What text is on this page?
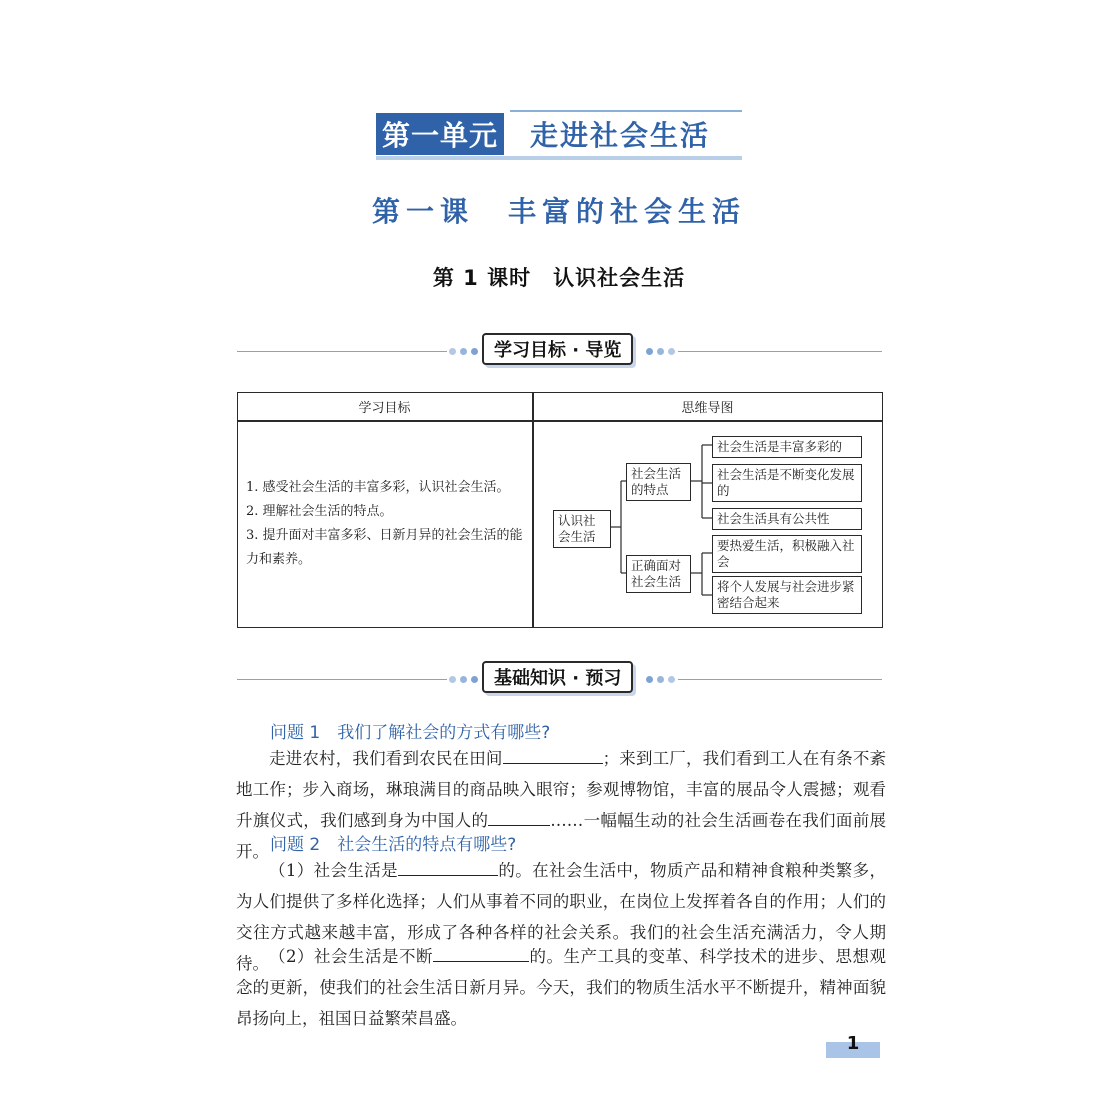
第一单元 走进社会生活
第一课　丰富的社会生活
第 1 课时　认识社会生活
学习目标 · 导览
学习目标	思维导图
1. 感受社会生活的丰富多彩，认识社会生活。
2. 理解社会生活的特点。
3. 提升面对丰富多彩、日新月异的社会生活的能力和素养。
认识社会生活
社会生活的特点
正确面对社会生活
社会生活是丰富多彩的
社会生活是不断变化发展的
社会生活具有公共性
要热爱生活，积极融入社会
将个人发展与社会进步紧密结合起来
基础知识 · 预习
问题 1　我们了解社会的方式有哪些?
走进农村，我们看到农民在田间	；来到工厂，我们看到工人在有条不紊地工作；步入商场，琳琅满目的商品映入眼帘；参观博物馆，丰富的展品令人震撼；观看升旗仪式，我们感到身为中国人的	……一幅幅生动的社会生活画卷在我们面前展开。 问题 2　社会生活的特点有哪些?
（1）社会生活是	的。在社会生活中，物质产品和精神食粮种类繁多，为人们提供了多样化选择；人们从事着不同的职业，在岗位上发挥着各自的作用；人们的交往方式越来越丰富，形成了各种各样的社会关系。我们的社会生活充满活力，令人期待。 （2）社会生活是不断	的。生产工具的变革、科学技术的进步、思想观念的更新，使我们的社会生活日新月异。今天，我们的物质生活水平不断提升，精神面貌昂扬向上，祖国日益繁荣昌盛。
1
